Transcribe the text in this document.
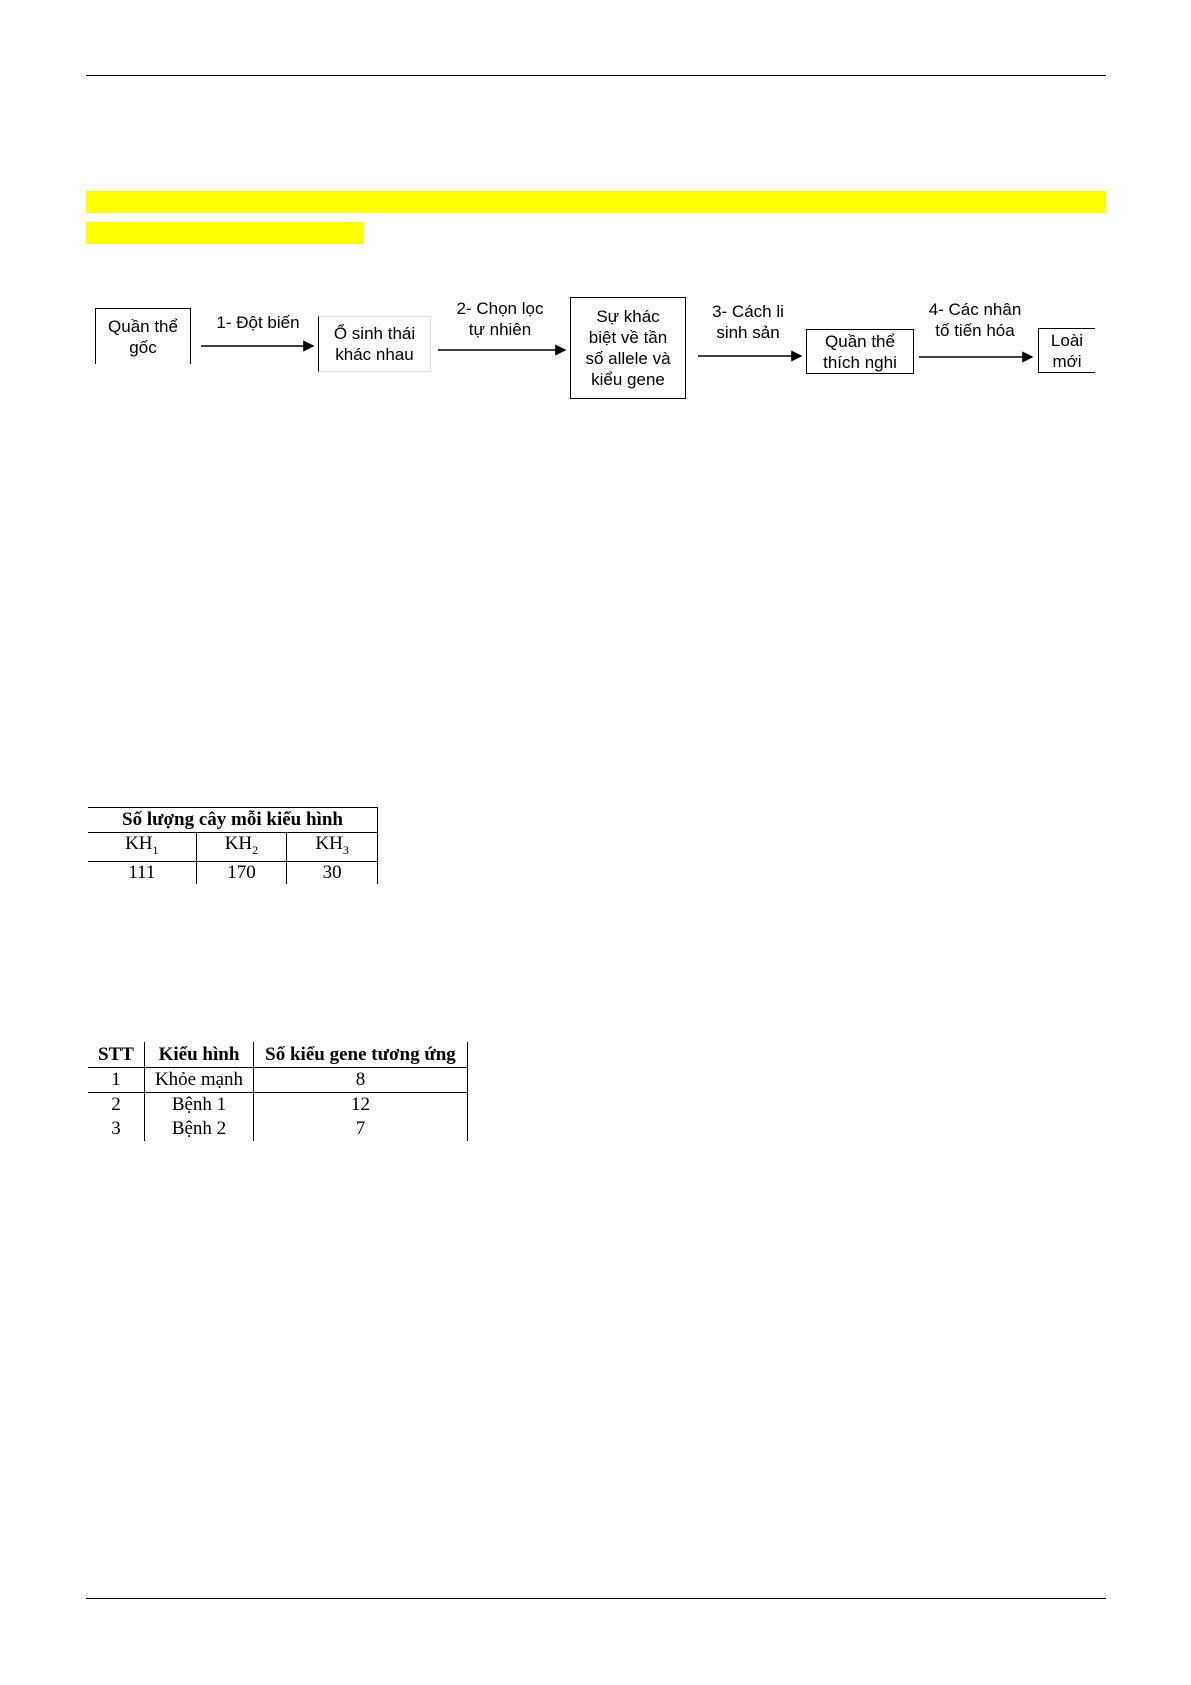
Quần thể
gốc
Ổ sinh thái
khác nhau
Sự khác
biệt về tần
số allele và
kiểu gene
Quần thể
thích nghi
Loài
mới
1- Đột biến
2- Chọn lọc
tự nhiên
3- Cách li
sinh sản
4- Các nhân
tố tiến hóa
Số lượng cây mỗi kiểu hình		
$KH_1$	$KH_2$	$KH_3$
111	170	30
STT	Kiểu hình	Số kiểu gene tương ứng
1	Khỏe mạnh	8
2	Bệnh 1	12
3	Bệnh 2	7
